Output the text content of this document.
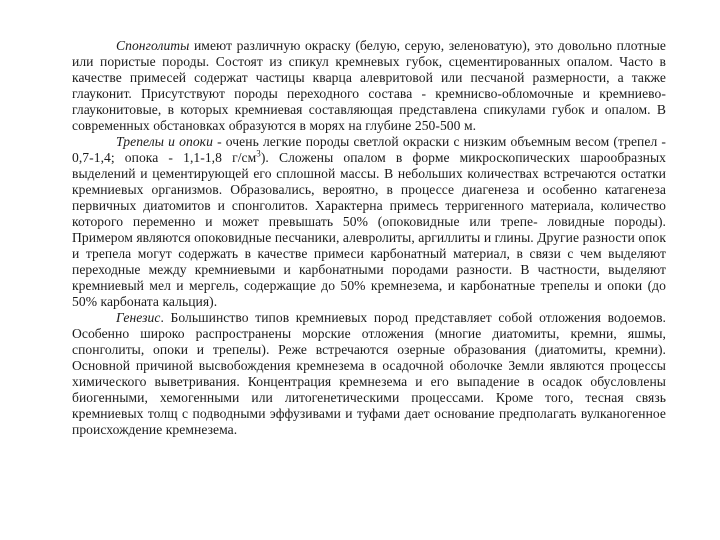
Спонголиты имеют различную окраску (белую, серую, зеленоватую), это довольно плотные или пористые породы. Состоят из спикул кремневых губок, сцементированных опалом. Часто в качестве примесей содержат частицы кварца алевритовой или песчаной размерности, а также глауконит. Присутствуют породы переходного состава - кремнисво-обломочные и кремниево- глауконитовые, в которых кремниевая составляющая представлена спикулами губок и опалом. В современных обстановках образуются в морях на глубине 250-500 м.

Трепелы и опоки - очень легкие породы светлой окраски с низким объемным весом (трепел - 0,7-1,4; опока - 1,1-1,8 $г/см^3$). Сложены опалом в форме микроскопических шарообразных выделений и цементирующей его сплошной массы. В небольших количествах встречаются остатки кремниевых организмов. Образовались, вероятно, в процессе диагенеза и особенно катагенеза первичных диатомитов и спонголитов. Характерна примесь терригенного материала, количество которого переменно и может превышать 50% (опоковидные или трепе- ловидные породы). Примером являются опоковидные песчаники, алевролиты, аргиллиты и глины. Другие разности опок и трепела могут содержать в качестве примеси карбонатный материал, в связи с чем выделяют переходные между кремниевыми и карбонатными породами разности. В частности, выделяют кремниевый мел и мергель, содержащие до 50% кремнезема, и карбонатные трепелы и опоки (до 50% карбоната кальция).

Генезис. Большинство типов кремниевых пород представляет собой отложения водоемов. Особенно широко распространены морские отложения (многие диатомиты, кремни, яшмы, спонголиты, опоки и трепелы). Реже встречаются озерные образования (диатомиты, кремни). Основной причиной высвобождения кремнезема в осадочной оболочке Земли являются процессы химического выветривания. Концентрация кремнезема и его выпадение в осадок обусловлены биогенными, хемогенными или литогенетическими процессами. Кроме того, тесная связь кремниевых толщ с подводными эффузивами и туфами дает основание предполагать вулканогенное происхождение кремнезема.
